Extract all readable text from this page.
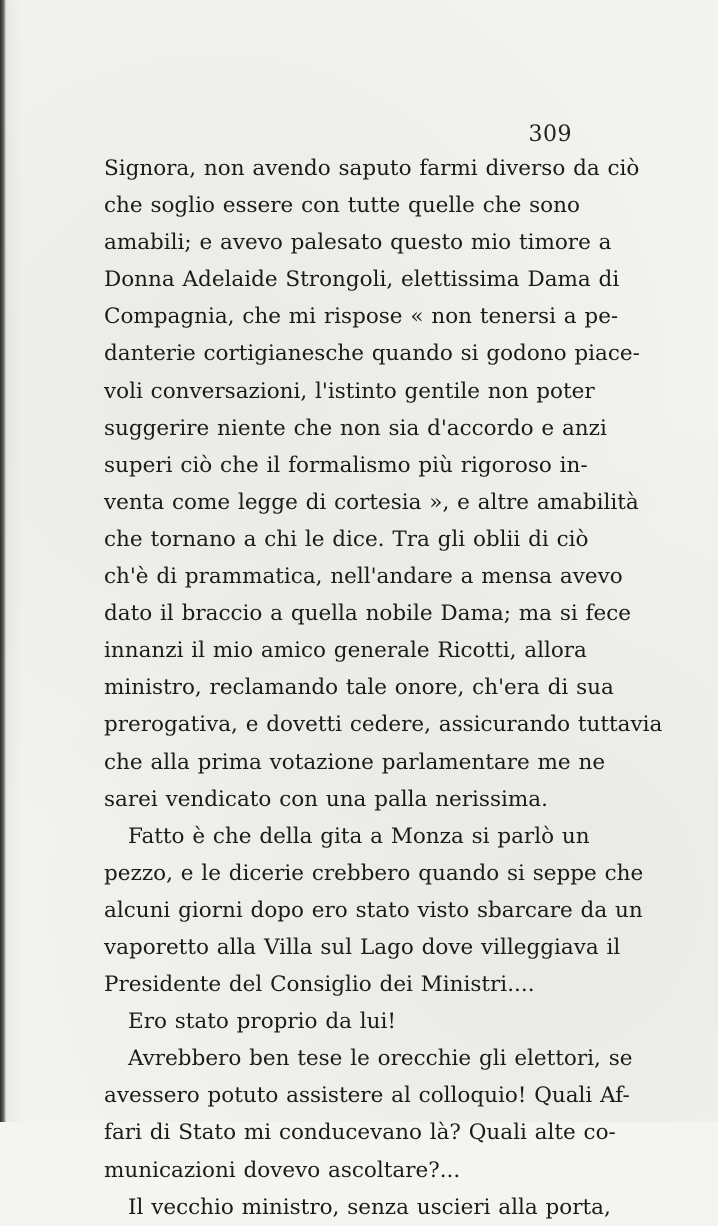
309
Signora, non avendo saputo farmi diverso da ciò
che soglio essere con tutte quelle che sono
amabili; e avevo palesato questo mio timore a
Donna Adelaide Strongoli, elettissima Dama di
Compagnia, che mi rispose « non tenersi a pe-
danterie cortigianesche quando si godono piace-
voli conversazioni, l'istinto gentile non poter
suggerire niente che non sia d'accordo e anzi
superi ciò che il formalismo più rigoroso in-
venta come legge di cortesia », e altre amabilità
che tornano a chi le dice. Tra gli oblii di ciò
ch'è di prammatica, nell'andare a mensa avevo
dato il braccio a quella nobile Dama; ma si fece
innanzi il mio amico generale Ricotti, allora
ministro, reclamando tale onore, ch'era di sua
prerogativa, e dovetti cedere, assicurando tuttavia
che alla prima votazione parlamentare me ne
sarei vendicato con una palla nerissima.
Fatto è che della gita a Monza si parlò un
pezzo, e le dicerie crebbero quando si seppe che
alcuni giorni dopo ero stato visto sbarcare da un
vaporetto alla Villa sul Lago dove villeggiava il
Presidente del Consiglio dei Ministri....
Ero stato proprio da lui!
Avrebbero ben tese le orecchie gli elettori, se
avessero potuto assistere al colloquio! Quali Af-
fari di Stato mi conducevano là? Quali alte co-
municazioni dovevo ascoltare?...
Il vecchio ministro, senza uscieri alla porta,
